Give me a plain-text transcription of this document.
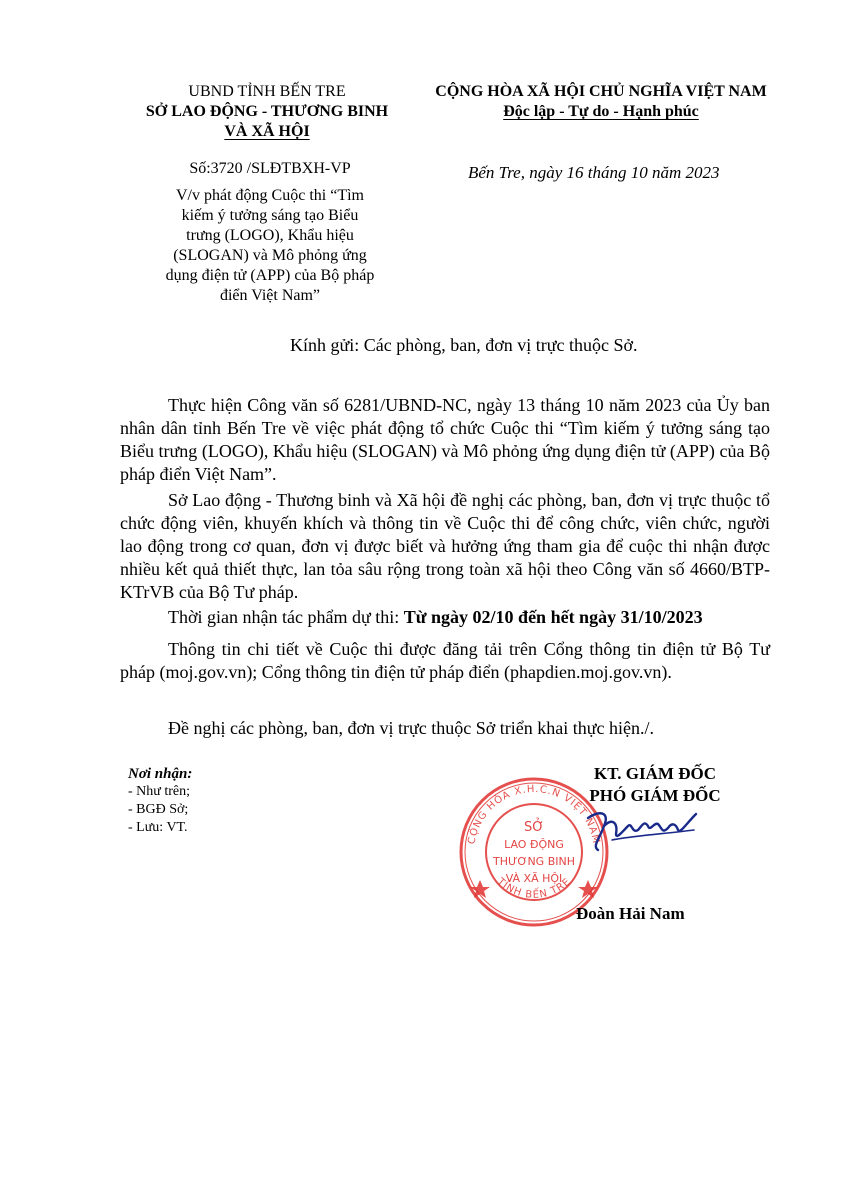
UBND TỈNH BẾN TRE
SỞ LAO ĐỘNG - THƯƠNG BINH
VÀ XÃ HỘI
CỘNG HÒA XÃ HỘI CHỦ NGHĨA VIỆT NAM
Độc lập - Tự do - Hạnh phúc
Số:3720 /SLĐTBXH-VP
V/v phát động Cuộc thi “Tìm
kiếm ý tưởng sáng tạo Biểu
trưng (LOGO), Khẩu hiệu
(SLOGAN) và Mô phỏng ứng
dụng điện tử (APP) của Bộ pháp
điển Việt Nam”
Bến Tre, ngày 16 tháng 10 năm 2023
Kính gửi: Các phòng, ban, đơn vị trực thuộc Sở.
Thực hiện Công văn số 6281/UBND-NC, ngày 13 tháng 10 năm 2023 của Ủy ban nhân dân tỉnh Bến Tre về việc phát động tổ chức Cuộc thi “Tìm kiếm ý tưởng sáng tạo Biểu trưng (LOGO), Khẩu hiệu (SLOGAN) và Mô phỏng ứng dụng điện tử (APP) của Bộ pháp điển Việt Nam”.
Sở Lao động - Thương binh và Xã hội đề nghị các phòng, ban, đơn vị trực thuộc tổ chức động viên, khuyến khích và thông tin về Cuộc thi để công chức, viên chức, người lao động trong cơ quan, đơn vị được biết và hưởng ứng tham gia để cuộc thi nhận được nhiều kết quả thiết thực, lan tỏa sâu rộng trong toàn xã hội theo Công văn số 4660/BTP-KTrVB của Bộ Tư pháp.
Thời gian nhận tác phẩm dự thi: Từ ngày 02/10 đến hết ngày 31/10/2023
Thông tin chi tiết về Cuộc thi được đăng tải trên Cổng thông tin điện tử Bộ Tư pháp (moj.gov.vn); Cổng thông tin điện tử pháp điển (phapdien.moj.gov.vn).
Đề nghị các phòng, ban, đơn vị trực thuộc Sở triển khai thực hiện./.
Nơi nhận:
- Như trên;
- BGĐ Sở;
- Lưu: VT.
CỘNG HÒA X.H.C.N VIỆT NAM
TỈNH BẾN TRE
SỞ
LAO ĐỘNG
THƯƠNG BINH
VÀ XÃ HỘI
KT. GIÁM ĐỐC
PHÓ GIÁM ĐỐC
Đoàn Hải Nam
